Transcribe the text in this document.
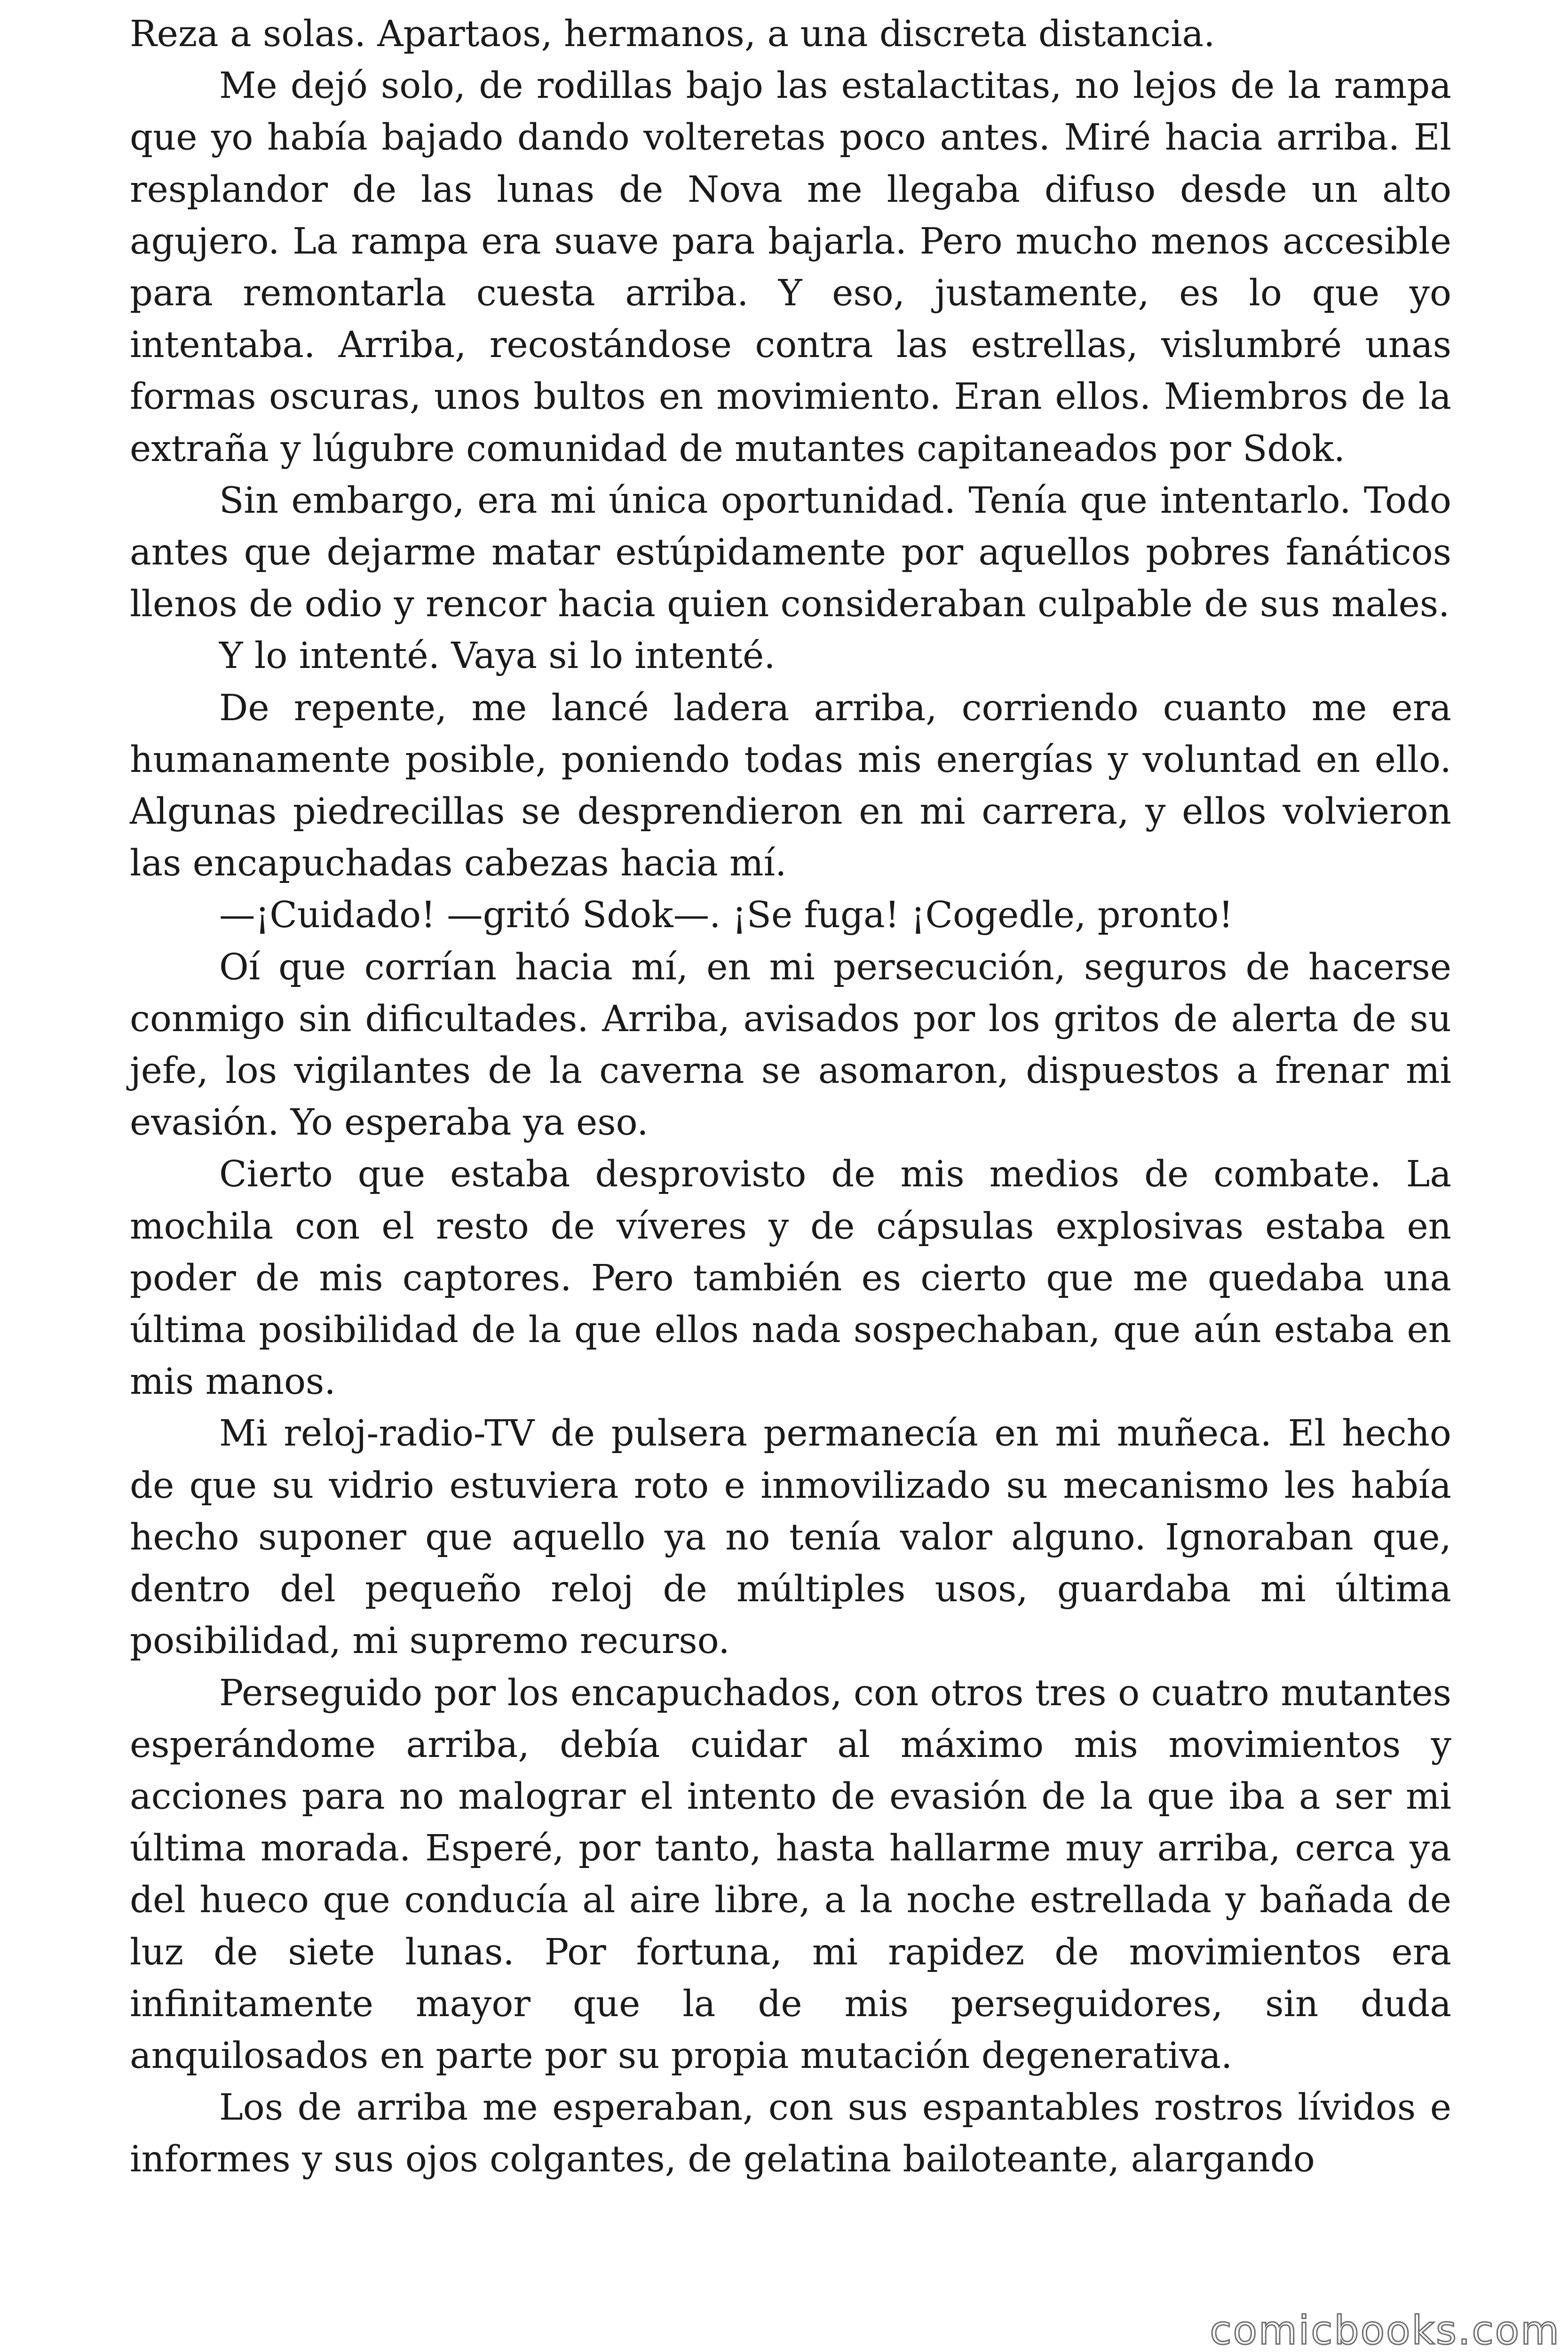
Reza a solas. Apartaos, hermanos, a una discreta distancia.

Me dejó solo, de rodillas bajo las estalactitas, no lejos de la rampa que yo había bajado dando volteretas poco antes. Miré hacia arriba. El resplandor de las lunas de Nova me llegaba difuso desde un alto agujero. La rampa era suave para bajarla. Pero mucho menos accesible para remontarla cuesta arriba. Y eso, justamente, es lo que yo intentaba. Arriba, recostándose contra las estrellas, vislumbré unas formas oscuras, unos bultos en movimiento. Eran ellos. Miembros de la extraña y lúgubre comunidad de mutantes capitaneados por Sdok.

Sin embargo, era mi única oportunidad. Tenía que intentarlo. Todo antes que dejarme matar estúpidamente por aquellos pobres fanáticos llenos de odio y rencor hacia quien consideraban culpable de sus males.

Y lo intenté. Vaya si lo intenté.

De repente, me lancé ladera arriba, corriendo cuanto me era humanamente posible, poniendo todas mis energías y voluntad en ello. Algunas piedrecillas se desprendieron en mi carrera, y ellos volvieron las encapuchadas cabezas hacia mí.

—¡Cuidado! —gritó Sdok—. ¡Se fuga! ¡Cogedle, pronto!

Oí que corrían hacia mí, en mi persecución, seguros de hacerse conmigo sin dificultades. Arriba, avisados por los gritos de alerta de su jefe, los vigilantes de la caverna se asomaron, dispuestos a frenar mi evasión. Yo esperaba ya eso.

Cierto que estaba desprovisto de mis medios de combate. La mochila con el resto de víveres y de cápsulas explosivas estaba en poder de mis captores. Pero también es cierto que me quedaba una última posibilidad de la que ellos nada sospechaban, que aún estaba en mis manos.

Mi reloj-radio-TV de pulsera permanecía en mi muñeca. El hecho de que su vidrio estuviera roto e inmovilizado su mecanismo les había hecho suponer que aquello ya no tenía valor alguno. Ignoraban que, dentro del pequeño reloj de múltiples usos, guardaba mi última posibilidad, mi supremo recurso.

Perseguido por los encapuchados, con otros tres o cuatro mutantes esperándome arriba, debía cuidar al máximo mis movimientos y acciones para no malograr el intento de evasión de la que iba a ser mi última morada. Esperé, por tanto, hasta hallarme muy arriba, cerca ya del hueco que conducía al aire libre, a la noche estrellada y bañada de luz de siete lunas. Por fortuna, mi rapidez de movimientos era infinitamente mayor que la de mis perseguidores, sin duda anquilosados en parte por su propia mutación degenerativa.

Los de arriba me esperaban, con sus espantables rostros lívidos e informes y sus ojos colgantes, de gelatina bailoteante, alargando

comicbooks.com
